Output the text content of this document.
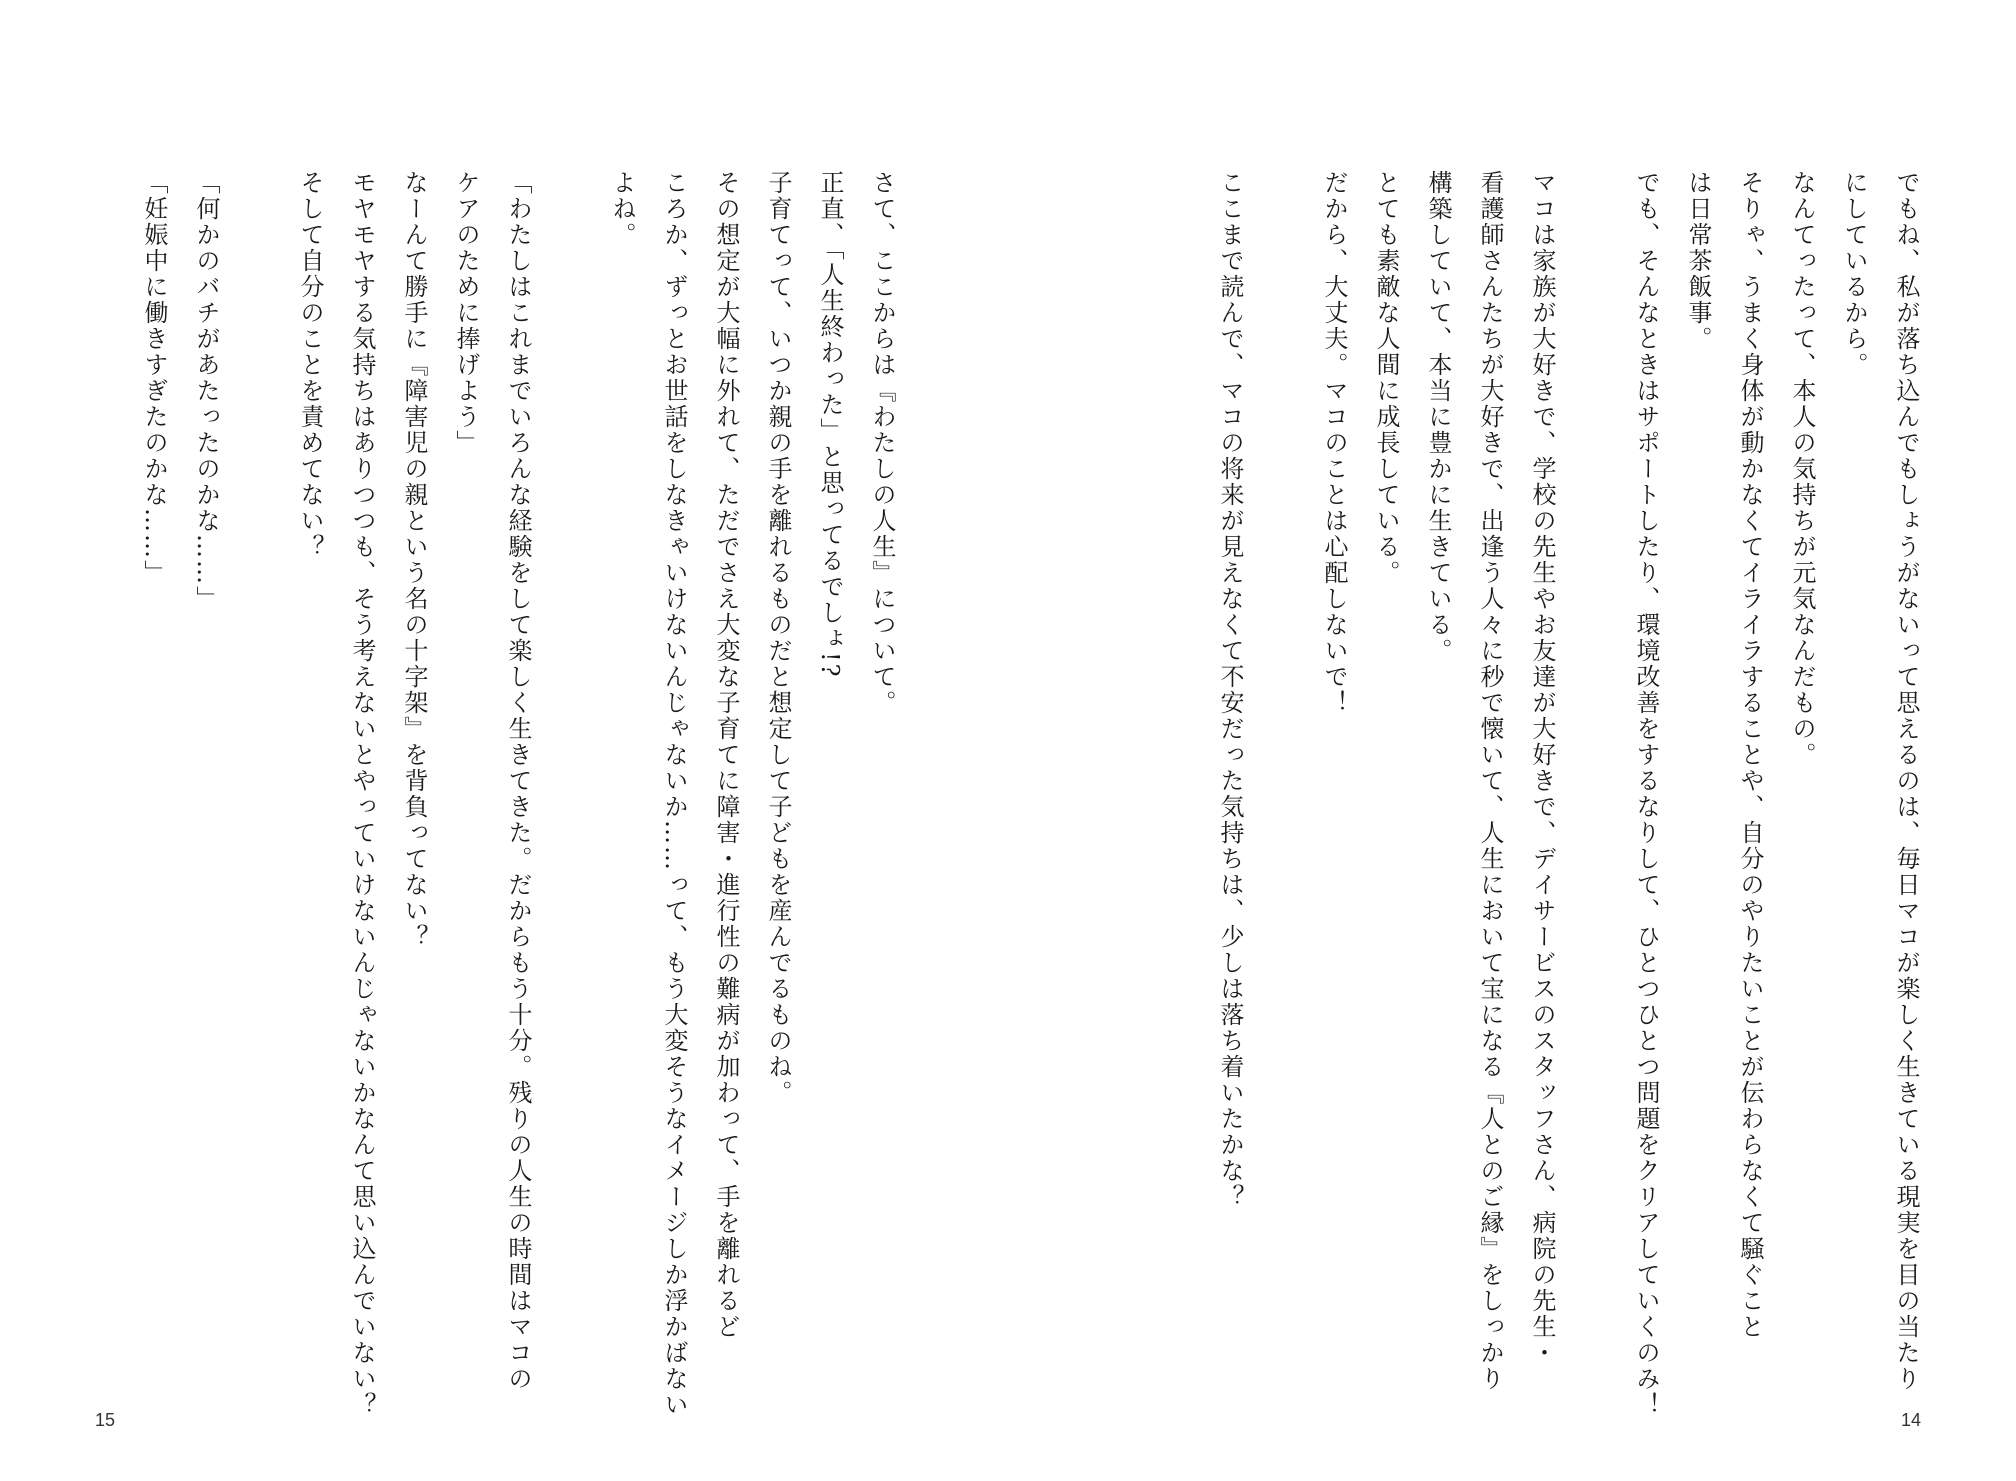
さて、ここからは『わたしの人生』について。
正直、「人生終わった」と思ってるでしょ!?
子育てって、いつか親の手を離れるものだと想定して子どもを産んでるものね。
その想定が大幅に外れて、ただでさえ大変な子育てに障害・進行性の難病が加わって、手を離れるど
ころか、ずっとお世話をしなきゃいけないんじゃないか……って、もう大変そうなイメージしか浮かばない
よね。
「わたしはこれまでいろんな経験をして楽しく生きてきた。だからもう十分。残りの人生の時間はマコの
ケアのために捧げよう」
なーんて勝手に『障害児の親という名の十字架』を背負ってない？
モヤモヤする気持ちはありつつも、そう考えないとやっていけないんじゃないかなんて思い込んでいない？
そして自分のことを責めてない？
「何かのバチがあたったのかな……」
「妊娠中に働きすぎたのかな……」
15
でもね、私が落ち込んでもしょうがないって思えるのは、毎日マコが楽しく生きている現実を目の当たり
にしているから。
なんてったって、本人の気持ちが元気なんだもの。
そりゃ、うまく身体が動かなくてイライラすることや、自分のやりたいことが伝わらなくて騒ぐこと
は日常茶飯事。
でも、そんなときはサポートしたり、環境改善をするなりして、ひとつひとつ問題をクリアしていくのみ！
マコは家族が大好きで、学校の先生やお友達が大好きで、デイサービスのスタッフさん、病院の先生・
看護師さんたちが大好きで、出逢う人々に秒で懐いて、人生において宝になる『人とのご縁』をしっかり
構築していて、本当に豊かに生きている。
とても素敵な人間に成長している。
だから、大丈夫。マコのことは心配しないで！
ここまで読んで、マコの将来が見えなくて不安だった気持ちは、少しは落ち着いたかな？
14
